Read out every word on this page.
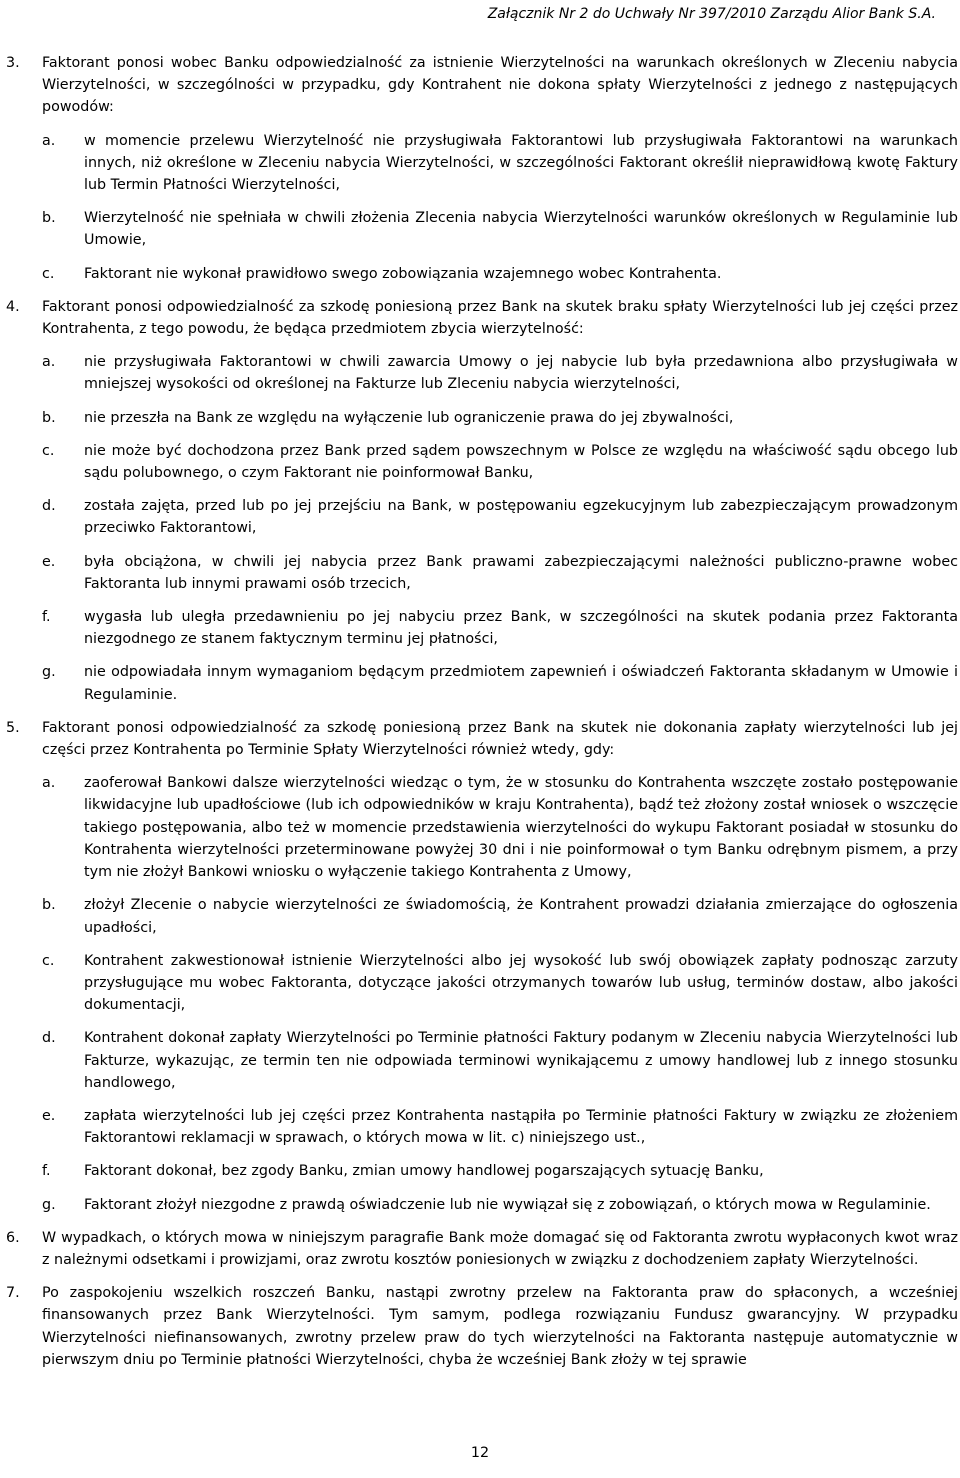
Załącznik Nr 2 do Uchwały Nr 397/2010 Zarządu Alior Bank S.A.
3. Faktorant ponosi wobec Banku odpowiedzialność za istnienie Wierzytelności na warunkach określonych w Zleceniu nabycia Wierzytelności, w szczególności w przypadku, gdy Kontrahent nie dokona spłaty Wierzytelności z jednego z następujących powodów:

a. w momencie przelewu Wierzytelność nie przysługiwała Faktorantowi lub przysługiwała Faktorantowi na warunkach innych, niż określone w Zleceniu nabycia Wierzytelności, w szczególności Faktorant określił nieprawidłową kwotę Faktury lub Termin Płatności Wierzytelności,

b. Wierzytelność nie spełniała w chwili złożenia Zlecenia nabycia Wierzytelności warunków określonych w Regulaminie lub Umowie,

c. Faktorant nie wykonał prawidłowo swego zobowiązania wzajemnego wobec Kontrahenta.

4. Faktorant ponosi odpowiedzialność za szkodę poniesioną przez Bank na skutek braku spłaty Wierzytelności lub jej części przez Kontrahenta, z tego powodu, że będąca przedmiotem zbycia wierzytelność:

a. nie przysługiwała Faktorantowi w chwili zawarcia Umowy o jej nabycie lub była przedawniona albo przysługiwała w mniejszej wysokości od określonej na Fakturze lub Zleceniu nabycia wierzytelności,

b. nie przeszła na Bank ze względu na wyłączenie lub ograniczenie prawa do jej zbywalności,

c. nie może być dochodzona przez Bank przed sądem powszechnym w Polsce ze względu na właściwość sądu obcego lub sądu polubownego, o czym Faktorant nie poinformował Banku,

d. została zajęta, przed lub po jej przejściu na Bank, w postępowaniu egzekucyjnym lub zabezpieczającym prowadzonym przeciwko Faktorantowi,

e. była obciążona, w chwili jej nabycia przez Bank prawami zabezpieczającymi należności publiczno-prawne wobec Faktoranta lub innymi prawami osób trzecich,

f. wygasła lub uległa przedawnieniu po jej nabyciu przez Bank, w szczególności na skutek podania przez Faktoranta niezgodnego ze stanem faktycznym terminu jej płatności,

g. nie odpowiadała innym wymaganiom będącym przedmiotem zapewnień i oświadczeń Faktoranta składanym w Umowie i Regulaminie.

5. Faktorant ponosi odpowiedzialność za szkodę poniesioną przez Bank na skutek nie dokonania zapłaty wierzytelności lub jej części przez Kontrahenta po Terminie Spłaty Wierzytelności również wtedy, gdy:

a. zaoferował Bankowi dalsze wierzytelności wiedząc o tym, że w stosunku do Kontrahenta wszczęte zostało postępowanie likwidacyjne lub upadłościowe (lub ich odpowiedników w kraju Kontrahenta), bądź też złożony został wniosek o wszczęcie takiego postępowania, albo też w momencie przedstawienia wierzytelności do wykupu Faktorant posiadał w stosunku do Kontrahenta wierzytelności przeterminowane powyżej 30 dni i nie poinformował o tym Banku odrębnym pismem, a przy tym nie złożył Bankowi wniosku o wyłączenie takiego Kontrahenta z Umowy,

b. złożył Zlecenie o nabycie wierzytelności ze świadomością, że Kontrahent prowadzi działania zmierzające do ogłoszenia upadłości,

c. Kontrahent zakwestionował istnienie Wierzytelności albo jej wysokość lub swój obowiązek zapłaty podnosząc zarzuty przysługujące mu wobec Faktoranta, dotyczące jakości otrzymanych towarów lub usług, terminów dostaw, albo jakości dokumentacji,

d. Kontrahent dokonał zapłaty Wierzytelności po Terminie płatności Faktury podanym w Zleceniu nabycia Wierzytelności lub Fakturze, wykazując, ze termin ten nie odpowiada terminowi wynikającemu z umowy handlowej lub z innego stosunku handlowego,

e. zapłata wierzytelności lub jej części przez Kontrahenta nastąpiła po Terminie płatności Faktury w związku ze złożeniem Faktorantowi reklamacji w sprawach, o których mowa w lit. c) niniejszego ust.,

f. Faktorant dokonał, bez zgody Banku, zmian umowy handlowej pogarszających sytuację Banku,

g. Faktorant złożył niezgodne z prawdą oświadczenie lub nie wywiązał się z zobowiązań, o których mowa w Regulaminie.

6. W wypadkach, o których mowa w niniejszym paragrafie Bank może domagać się od Faktoranta zwrotu wypłaconych kwot wraz z należnymi odsetkami i prowizjami, oraz zwrotu kosztów poniesionych w związku z dochodzeniem zapłaty Wierzytelności.

7. Po zaspokojeniu wszelkich roszczeń Banku, nastąpi zwrotny przelew na Faktoranta praw do spłaconych, a wcześniej finansowanych przez Bank Wierzytelności. Tym samym, podlega rozwiązaniu Fundusz gwarancyjny. W przypadku Wierzytelności niefinansowanych, zwrotny przelew praw do tych wierzytelności na Faktoranta następuje automatycznie w pierwszym dniu po Terminie płatności Wierzytelności, chyba że wcześniej Bank złoży w tej sprawie

12
